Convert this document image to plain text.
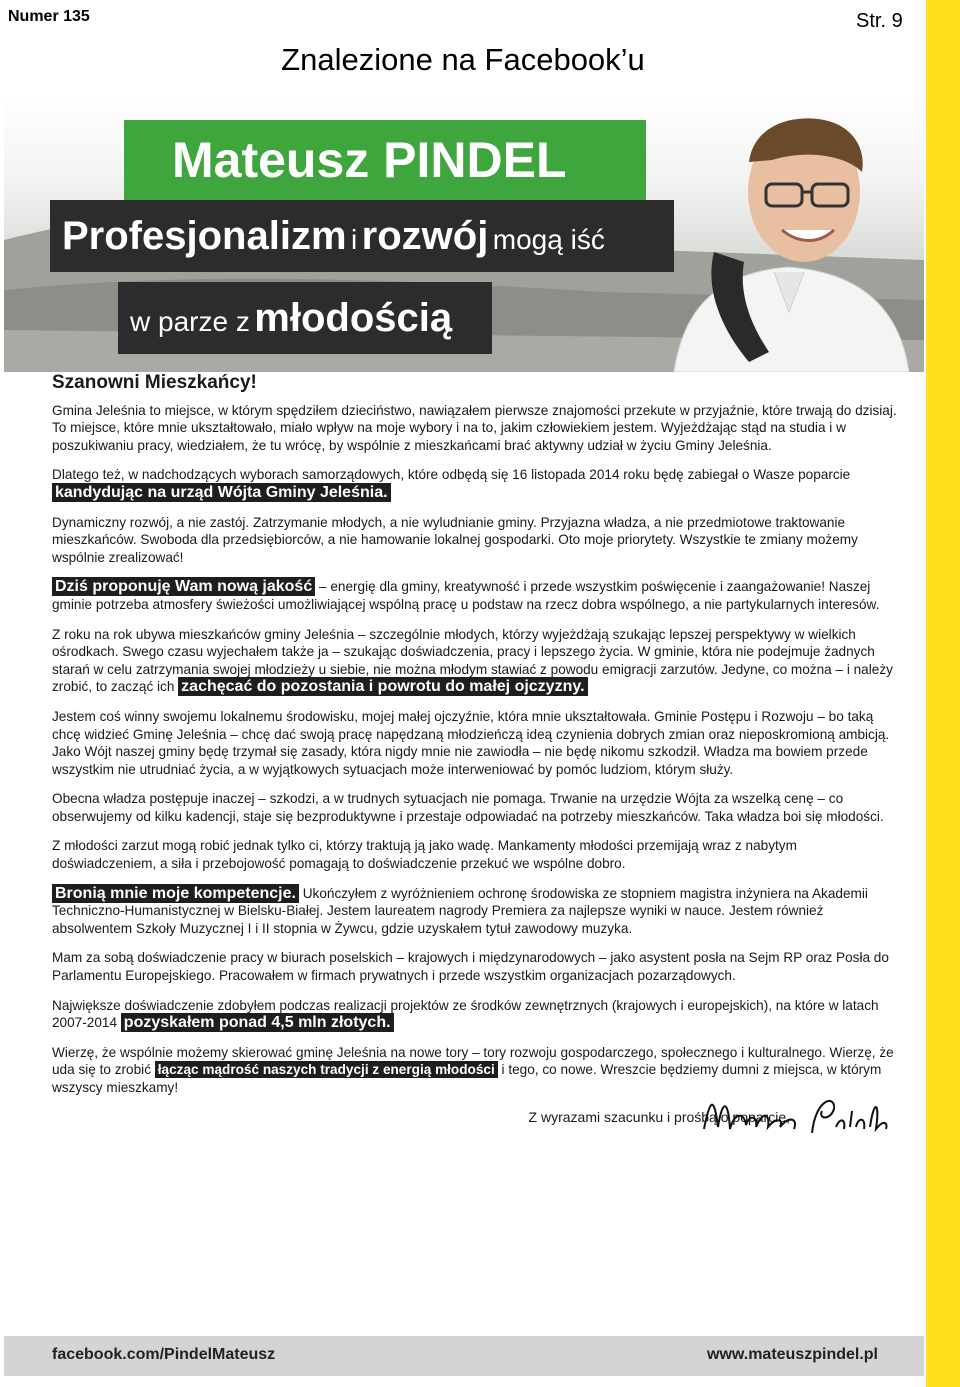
Numer 135	Str. 9
Znalezione na Facebook’u
Mateusz PINDEL
Profesjonalizm i rozwój mogą iść
w parze z młodością
Szanowni Mieszkańcy!

Gmina Jeleśnia to miejsce, w którym spędziłem dzieciństwo, nawiązałem pierwsze znajomości przekute w przyjaźnie, które trwają do dzisiaj. To miejsce, które mnie ukształtowało, miało wpływ na moje wybory i na to, jakim człowiekiem jestem. Wyjeżdżając stąd na studia i w poszukiwaniu pracy, wiedziałem, że tu wrócę, by wspólnie z mieszkańcami brać aktywny udział w życiu Gminy Jeleśnia.

Dlatego też, w nadchodzących wyborach samorządowych, które odbędą się 16 listopada 2014 roku będę zabiegał o Wasze poparcie kandydując na urząd Wójta Gminy Jeleśnia.

Dynamiczny rozwój, a nie zastój. Zatrzymanie młodych, a nie wyludnianie gminy. Przyjazna władza, a nie przedmiotowe traktowanie mieszkańców. Swoboda dla przedsiębiorców, a nie hamowanie lokalnej gospodarki. Oto moje priorytety. Wszystkie te zmiany możemy wspólnie zrealizować!

Dziś proponuję Wam nową jakość – energię dla gminy, kreatywność i przede wszystkim poświęcenie i zaangażowanie! Naszej gminie potrzeba atmosfery świeżości umożliwiającej wspólną pracę u podstaw na rzecz dobra wspólnego, a nie partykularnych interesów.

Z roku na rok ubywa mieszkańców gminy Jeleśnia – szczególnie młodych, którzy wyjeżdżają szukając lepszej perspektywy w wielkich ośrodkach. Swego czasu wyjechałem także ja – szukając doświadczenia, pracy i lepszego życia. W gminie, która nie podejmuje żadnych starań w celu zatrzymania swojej młodzieży u siebie, nie można młodym stawiać z powodu emigracji zarzutów. Jedyne, co można – i należy zrobić, to zacząć ich zachęcać do pozostania i powrotu do małej ojczyzny.

Jestem coś winny swojemu lokalnemu środowisku, mojej małej ojczyźnie, która mnie ukształtowała. Gminie Postępu i Rozwoju – bo taką chcę widzieć Gminę Jeleśnia – chcę dać swoją pracę napędzaną młodzieńczą ideą czynienia dobrych zmian oraz nieposkromioną ambicją. Jako Wójt naszej gminy będę trzymał się zasady, która nigdy mnie nie zawiodła – nie będę nikomu szkodził. Władza ma bowiem przede wszystkim nie utrudniać życia, a w wyjątkowych sytuacjach może interweniować by pomóc ludziom, którym służy.

Obecna władza postępuje inaczej – szkodzi, a w trudnych sytuacjach nie pomaga. Trwanie na urzędzie Wójta za wszelką cenę – co obserwujemy od kilku kadencji, staje się bezproduktywne i przestaje odpowiadać na potrzeby mieszkańców. Taka władza boi się młodości.

Z młodości zarzut mogą robić jednak tylko ci, którzy traktują ją jako wadę. Mankamenty młodości przemijają wraz z nabytym doświadczeniem, a siła i przebojowość pomagają to doświadczenie przekuć we wspólne dobro.

Bronią mnie moje kompetencje. Ukończyłem z wyróżnieniem ochronę środowiska ze stopniem magistra inżyniera na Akademii Techniczno-Humanistycznej w Bielsku-Białej. Jestem laureatem nagrody Premiera za najlepsze wyniki w nauce. Jestem również absolwentem Szkoły Muzycznej I i II stopnia w Żywcu, gdzie uzyskałem tytuł zawodowy muzyka.

Mam za sobą doświadczenie pracy w biurach poselskich – krajowych i międzynarodowych – jako asystent posła na Sejm RP oraz Posła do Parlamentu Europejskiego. Pracowałem w firmach prywatnych i przede wszystkim organizacjach pozarządowych.

Największe doświadczenie zdobyłem podczas realizacji projektów ze środków zewnętrznych (krajowych i europejskich), na które w latach 2007-2014 pozyskałem ponad 4,5 mln złotych.

Wierzę, że wspólnie możemy skierować gminę Jeleśnia na nowe tory – tory rozwoju gospodarczego, społecznego i kulturalnego. Wierzę, że uda się to zrobić łącząc mądrość naszych tradycji z energią młodości i tego, co nowe. Wreszcie będziemy dumni z miejsca, w którym wszyscy mieszkamy!

Z wyrazami szacunku i prośbą o poparcie,
facebook.com/PindelMateusz	www.mateuszpindel.pl
